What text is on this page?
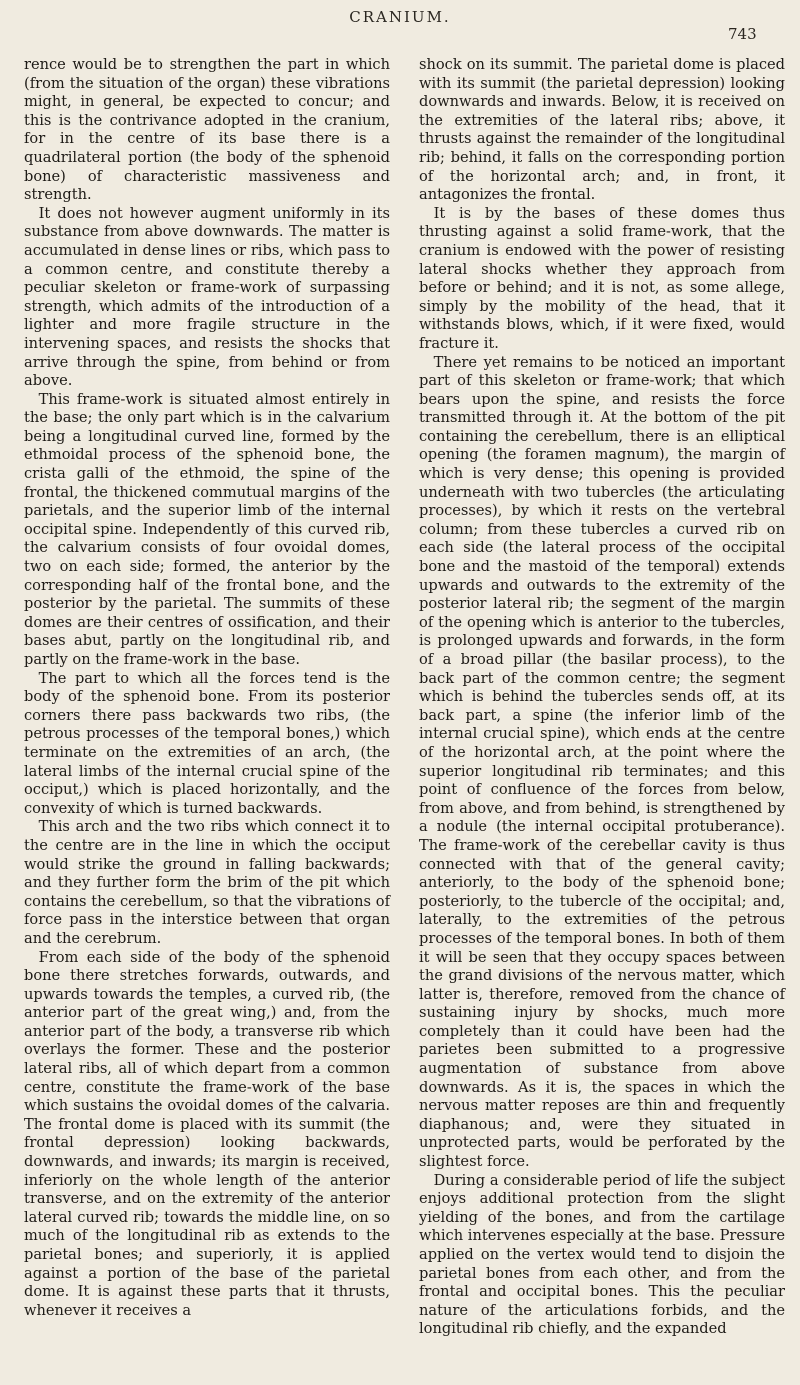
CRANIUM.
743

rence would be to strengthen the part in which (from the situation of the organ) these vibrations might, in general, be expected to concur; and this is the contrivance adopted in the cranium, for in the centre of its base there is a quadrilateral portion (the body of the sphenoid bone) of characteristic massiveness and strength.

It does not however augment uniformly in its substance from above downwards. The matter is accumulated in dense lines or ribs, which pass to a common centre, and constitute thereby a peculiar skeleton or frame-work of surpassing strength, which admits of the introduction of a lighter and more fragile structure in the intervening spaces, and resists the shocks that arrive through the spine, from behind or from above.

This frame-work is situated almost entirely in the base; the only part which is in the calvarium being a longitudinal curved line, formed by the ethmoidal process of the sphenoid bone, the crista galli of the ethmoid, the spine of the frontal, the thickened commutual margins of the parietals, and the superior limb of the internal occipital spine. Independently of this curved rib, the calvarium consists of four ovoidal domes, two on each side; formed, the anterior by the corresponding half of the frontal bone, and the posterior by the parietal. The summits of these domes are their centres of ossification, and their bases abut, partly on the longitudinal rib, and partly on the frame-work in the base.

The part to which all the forces tend is the body of the sphenoid bone. From its posterior corners there pass backwards two ribs, (the petrous processes of the temporal bones,) which terminate on the extremities of an arch, (the lateral limbs of the internal crucial spine of the occiput,) which is placed horizontally, and the convexity of which is turned backwards.

This arch and the two ribs which connect it to the centre are in the line in which the occiput would strike the ground in falling backwards; and they further form the brim of the pit which contains the cerebellum, so that the vibrations of force pass in the interstice between that organ and the cerebrum.

From each side of the body of the sphenoid bone there stretches forwards, outwards, and upwards towards the temples, a curved rib, (the anterior part of the great wing,) and, from the anterior part of the body, a transverse rib which overlays the former. These and the posterior lateral ribs, all of which depart from a common centre, constitute the frame-work of the base which sustains the ovoidal domes of the calvaria. The frontal dome is placed with its summit (the frontal depression) looking backwards, downwards, and inwards; its margin is received, inferiorly on the whole length of the anterior transverse, and on the extremity of the anterior lateral curved rib; towards the middle line, on so much of the longitudinal rib as extends to the parietal bones; and superiorly, it is applied against a portion of the base of the parietal dome. It is against these parts that it thrusts, whenever it receives a

shock on its summit. The parietal dome is placed with its summit (the parietal depression) looking downwards and inwards. Below, it is received on the extremities of the lateral ribs; above, it thrusts against the remainder of the longitudinal rib; behind, it falls on the corresponding portion of the horizontal arch; and, in front, it antagonizes the frontal.

It is by the bases of these domes thus thrusting against a solid frame-work, that the cranium is endowed with the power of resisting lateral shocks whether they approach from before or behind; and it is not, as some allege, simply by the mobility of the head, that it withstands blows, which, if it were fixed, would fracture it.

There yet remains to be noticed an important part of this skeleton or frame-work; that which bears upon the spine, and resists the force transmitted through it. At the bottom of the pit containing the cerebellum, there is an elliptical opening (the foramen magnum), the margin of which is very dense; this opening is provided underneath with two tubercles (the articulating processes), by which it rests on the vertebral column; from these tubercles a curved rib on each side (the lateral process of the occipital bone and the mastoid of the temporal) extends upwards and outwards to the extremity of the posterior lateral rib; the segment of the margin of the opening which is anterior to the tubercles, is prolonged upwards and forwards, in the form of a broad pillar (the basilar process), to the back part of the common centre; the segment which is behind the tubercles sends off, at its back part, a spine (the inferior limb of the internal crucial spine), which ends at the centre of the horizontal arch, at the point where the superior longitudinal rib terminates; and this point of confluence of the forces from below, from above, and from behind, is strengthened by a nodule (the internal occipital protuberance). The frame-work of the cerebellar cavity is thus connected with that of the general cavity; anteriorly, to the body of the sphenoid bone; posteriorly, to the tubercle of the occipital; and, laterally, to the extremities of the petrous processes of the temporal bones. In both of them it will be seen that they occupy spaces between the grand divisions of the nervous matter, which latter is, therefore, removed from the chance of sustaining injury by shocks, much more completely than it could have been had the parietes been submitted to a progressive augmentation of substance from above downwards. As it is, the spaces in which the nervous matter reposes are thin and frequently diaphanous; and, were they situated in unprotected parts, would be perforated by the slightest force.

During a considerable period of life the subject enjoys additional protection from the slight yielding of the bones, and from the cartilage which intervenes especially at the base. Pressure applied on the vertex would tend to disjoin the parietal bones from each other, and from the frontal and occipital bones. This the peculiar nature of the articulations forbids, and the longitudinal rib chiefly, and the expanded
